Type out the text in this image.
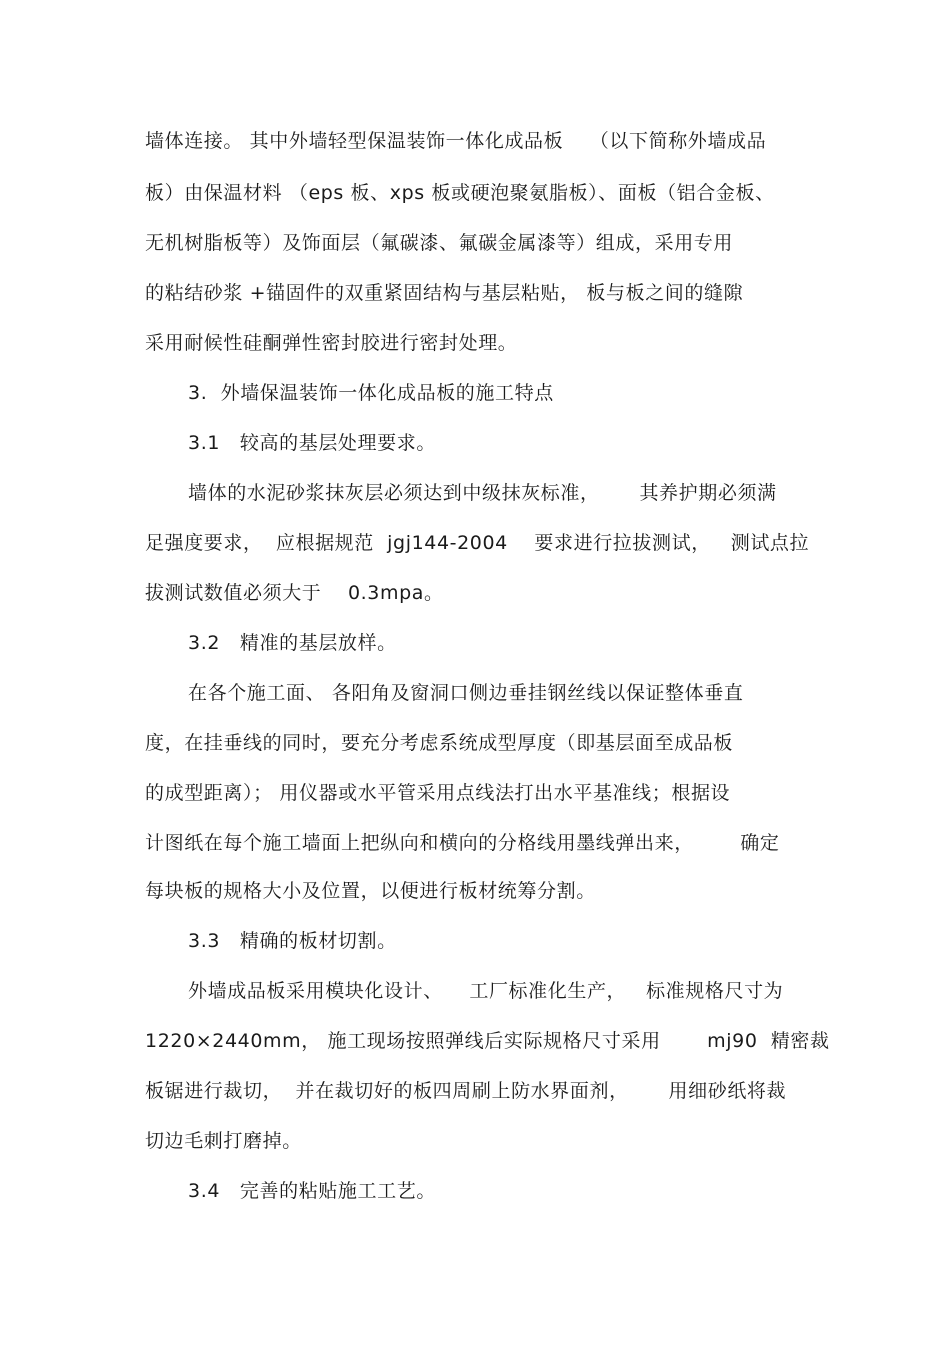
墙体连接。 其中外墙轻型保温装饰一体化成品板    （以下简称外墙成品
板）由保温材料 （eps 板、xps 板或硬泡聚氨脂板）、面板（铝合金板、
无机树脂板等）及饰面层（氟碳漆、氟碳金属漆等）组成，采用专用
的粘结砂浆 +锚固件的双重紧固结构与基层粘贴， 板与板之间的缝隙
采用耐候性硅酮弹性密封胶进行密封处理。
3.  外墙保温装饰一体化成品板的施工特点
3.1   较高的基层处理要求。
墙体的水泥砂浆抹灰层必须达到中级抹灰标准，      其养护期必须满
足强度要求，  应根据规范  jgj144-2004    要求进行拉拔测试，   测试点拉
拔测试数值必须大于    0.3mpa。
3.2   精准的基层放样。
在各个施工面、 各阳角及窗洞口侧边垂挂钢丝线以保证整体垂直
度，在挂垂线的同时，要充分考虑系统成型厚度（即基层面至成品板
的成型距离）； 用仪器或水平管采用点线法打出水平基准线；根据设
计图纸在每个施工墙面上把纵向和横向的分格线用墨线弹出来，       确定
每块板的规格大小及位置，以便进行板材统筹分割。
3.3   精确的板材切割。
外墙成品板采用模块化设计、    工厂标准化生产，   标准规格尺寸为
1220×2440mm， 施工现场按照弹线后实际规格尺寸采用       mj90  精密裁
板锯进行裁切，  并在裁切好的板四周刷上防水界面剂，      用细砂纸将裁
切边毛刺打磨掉。
3.4   完善的粘贴施工工艺。
